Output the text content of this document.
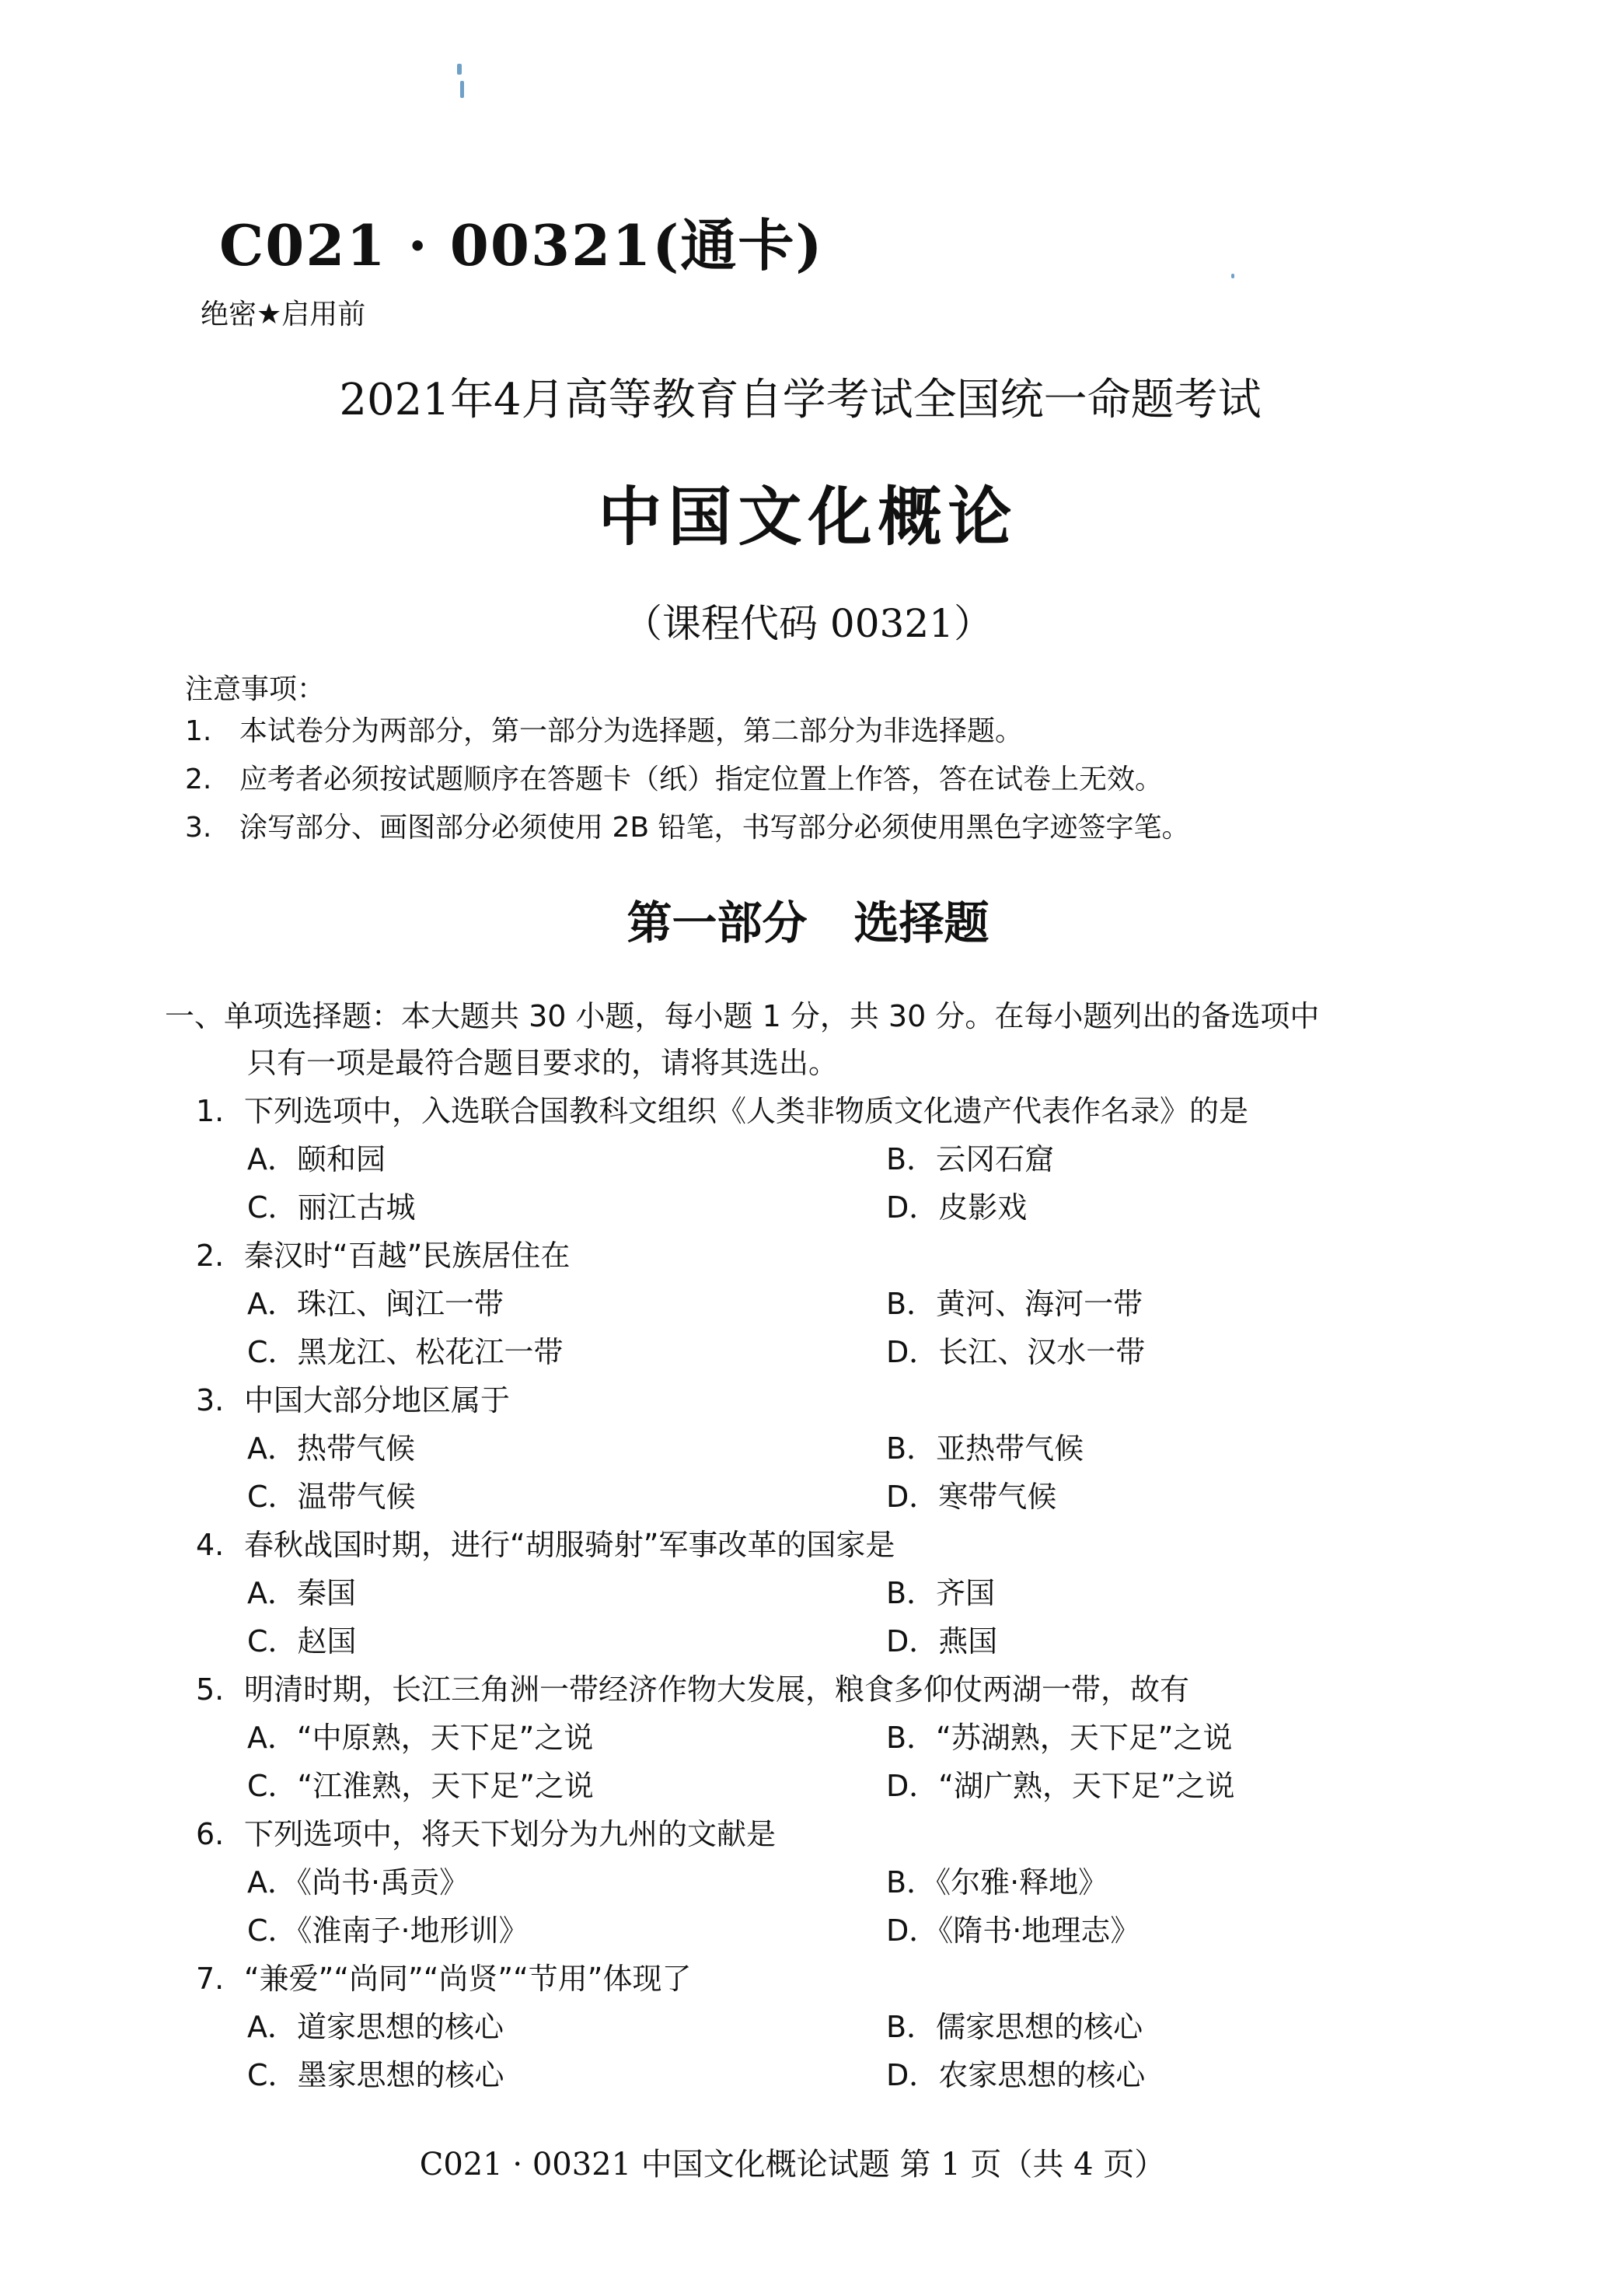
C021 · 00321(通卡)
绝密★启用前
2021年4月高等教育自学考试全国统一命题考试
中国文化概论
（课程代码 00321）
注意事项：
1. 本试卷分为两部分，第一部分为选择题，第二部分为非选择题。
2. 应考者必须按试题顺序在答题卡（纸）指定位置上作答，答在试卷上无效。
3. 涂写部分、画图部分必须使用 2B 铅笔，书写部分必须使用黑色字迹签字笔。
第一部分 选择题
一、单项选择题：本大题共 30 小题，每小题 1 分，共 30 分。在每小题列出的备选项中
只有一项是最符合题目要求的，请将其选出。
1. 下列选项中，入选联合国教科文组织《人类非物质文化遗产代表作名录》的是
A．颐和园	B．云冈石窟
C．丽江古城	D．皮影戏
2. 秦汉时“百越”民族居住在
A．珠江、闽江一带	B．黄河、海河一带
C．黑龙江、松花江一带	D．长江、汉水一带
3. 中国大部分地区属于
A．热带气候	B．亚热带气候
C．温带气候	D．寒带气候
4. 春秋战国时期，进行“胡服骑射”军事改革的国家是
A．秦国	B．齐国
C．赵国	D．燕国
5. 明清时期，长江三角洲一带经济作物大发展，粮食多仰仗两湖一带，故有
A．“中原熟，天下足”之说	B．“苏湖熟，天下足”之说
C．“江淮熟，天下足”之说	D．“湖广熟，天下足”之说
6. 下列选项中，将天下划分为九州的文献是
A．《尚书·禹贡》	B．《尔雅·释地》
C．《淮南子·地形训》	D．《隋书·地理志》
7. “兼爱”“尚同”“尚贤”“节用”体现了
A．道家思想的核心	B．儒家思想的核心
C．墨家思想的核心	D．农家思想的核心
C021 · 00321 中国文化概论试题 第 1 页（共 4 页）
